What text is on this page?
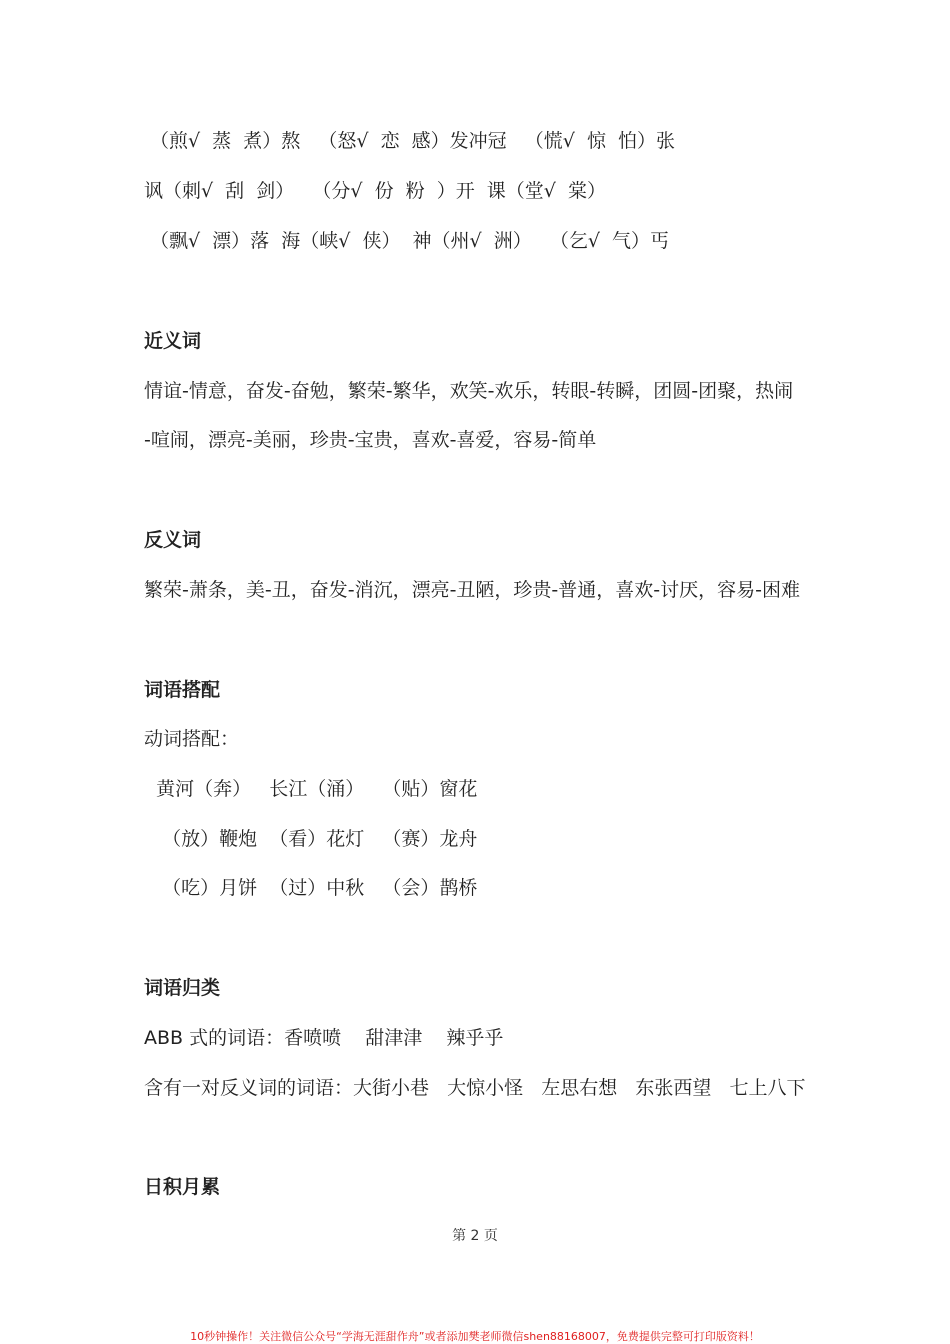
（煎√  蒸  煮）熬   （怒√  恋  感）发冲冠   （慌√  惊  怕）张
讽（刺√  刮  剑）   （分√  份  粉  ）开  课（堂√  棠）
（飘√  漂）落  海（峡√  侠）  神（州√  洲）   （乞√  气）丐
近义词
情谊-情意，奋发-奋勉，繁荣-繁华，欢笑-欢乐，转眼-转瞬，团圆-团聚，热闹
-喧闹，漂亮-美丽，珍贵-宝贵，喜欢-喜爱，容易-简单
反义词
繁荣-萧条，美-丑，奋发-消沉，漂亮-丑陋，珍贵-普通，喜欢-讨厌，容易-困难
词语搭配
动词搭配：
黄河（奔）   长江（涌）   （贴）窗花
（放）鞭炮  （看）花灯   （赛）龙舟
（吃）月饼  （过）中秋   （会）鹊桥
词语归类
ABB 式的词语：香喷喷    甜津津    辣乎乎
含有一对反义词的词语：大街小巷   大惊小怪   左思右想   东张西望   七上八下
日积月累
第 2 页
10秒钟操作！关注微信公众号“学海无涯甜作舟”或者添加樊老师微信shen88168007，免费提供完整可打印版资料！
